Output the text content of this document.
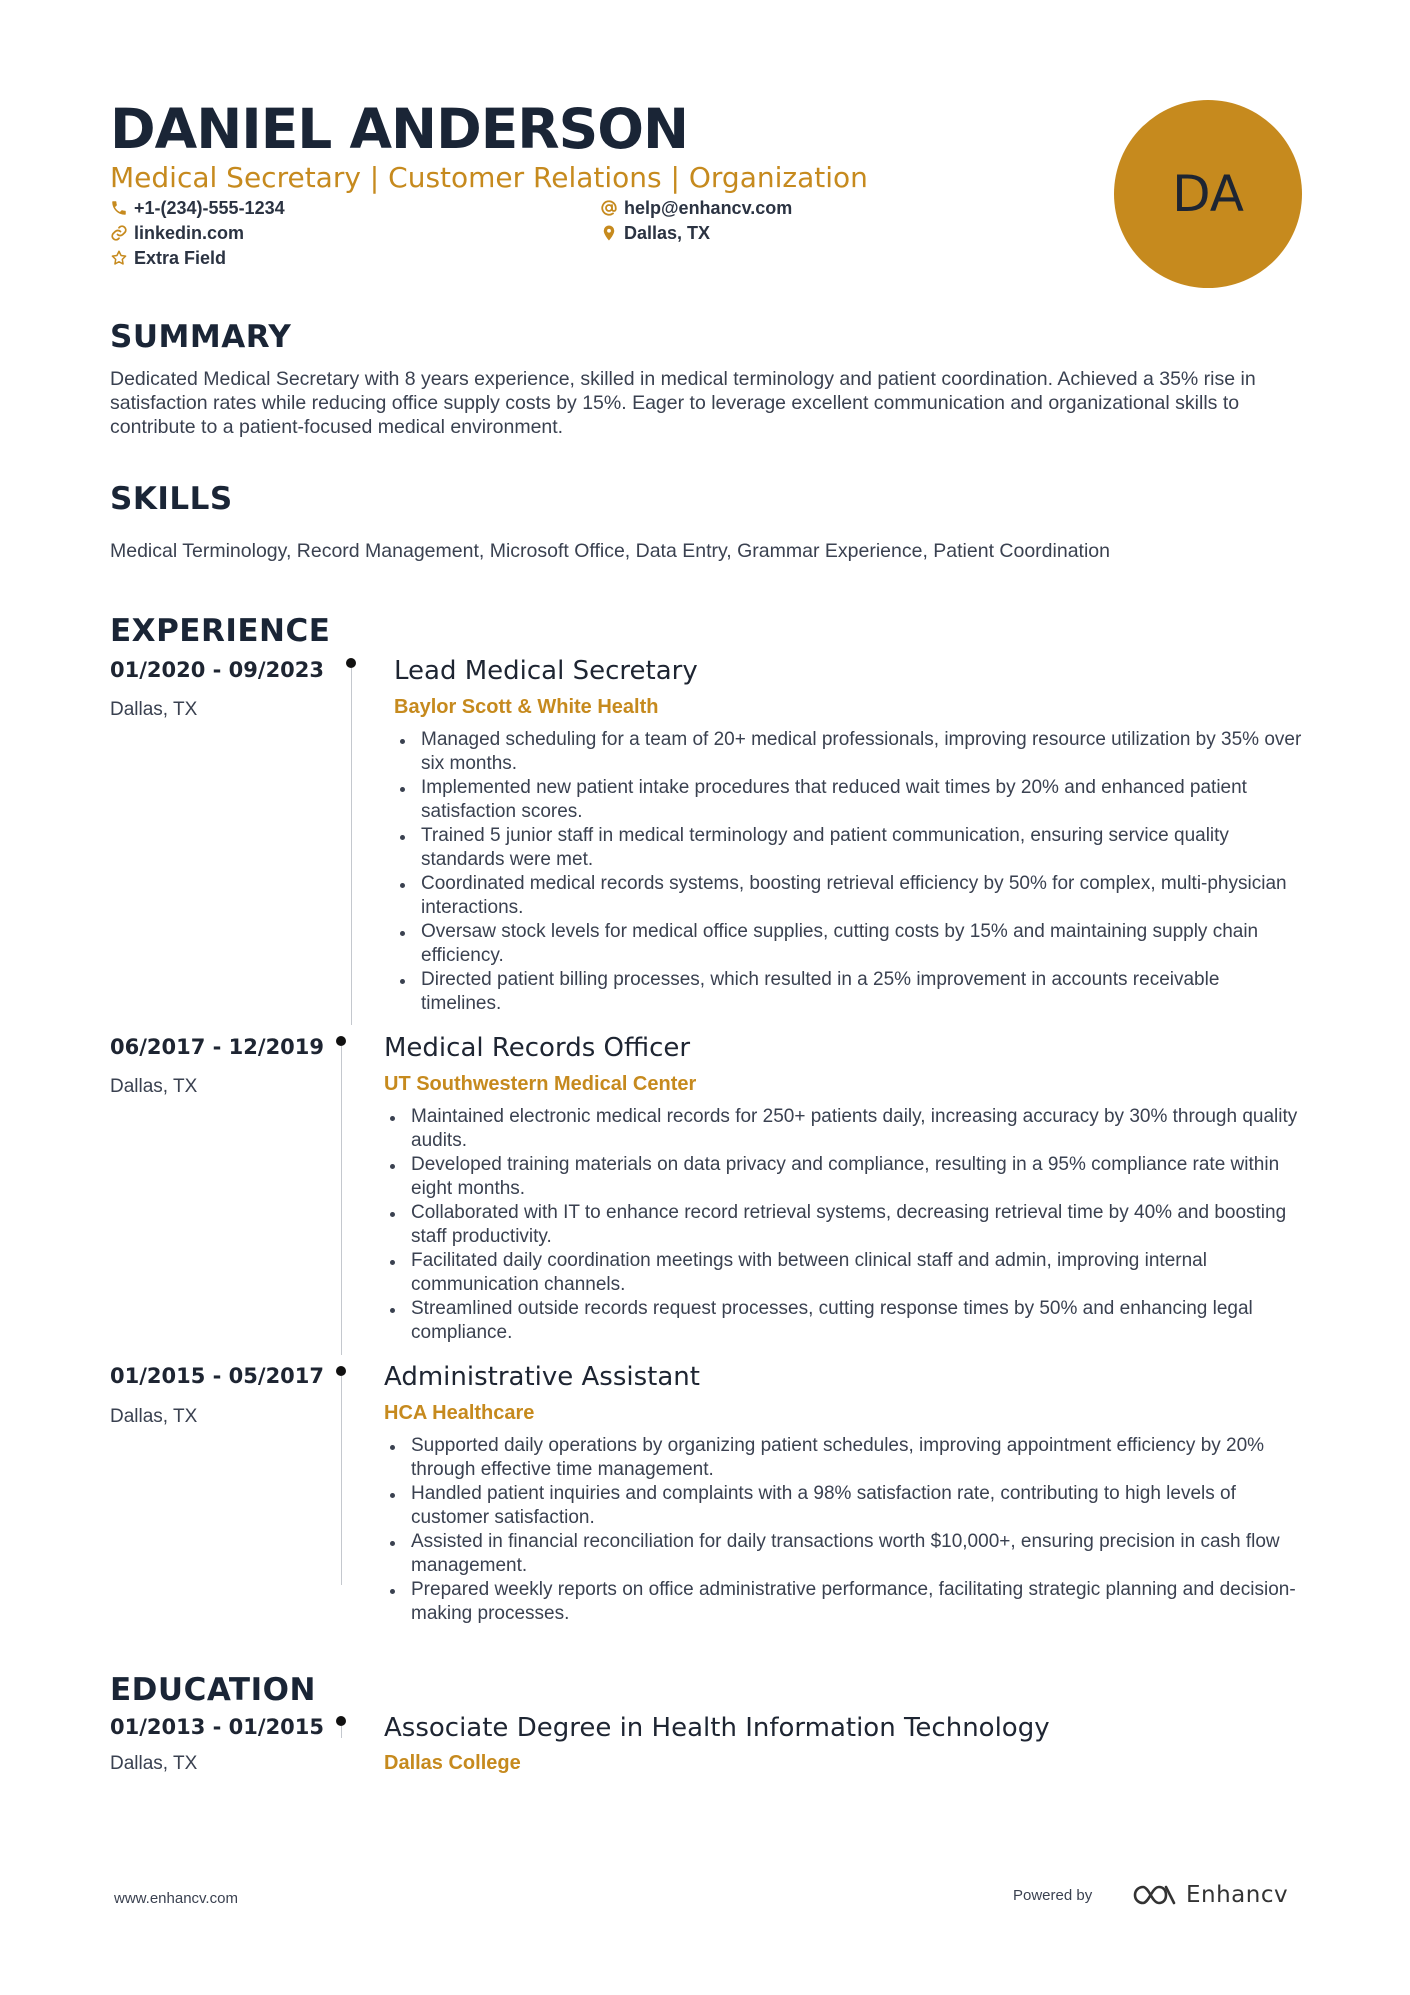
DANIEL ANDERSON
Medical Secretary | Customer Relations | Organization
+1-(234)-555-1234	help@enhancv.com
linkedin.com	Dallas, TX
Extra Field
DA
SUMMARY
Dedicated Medical Secretary with 8 years experience, skilled in medical terminology and patient coordination. Achieved a 35% rise in satisfaction rates while reducing office supply costs by 15%. Eager to leverage excellent communication and organizational skills to contribute to a patient-focused medical environment.
SKILLS
Medical Terminology, Record Management, Microsoft Office, Data Entry, Grammar Experience, Patient Coordination
EXPERIENCE
01/2020 - 09/2023
Dallas, TX
Lead Medical Secretary
Baylor Scott & White Health
Managed scheduling for a team of 20+ medical professionals, improving resource utilization by 35% over six months.
Implemented new patient intake procedures that reduced wait times by 20% and enhanced patient satisfaction scores.
Trained 5 junior staff in medical terminology and patient communication, ensuring service quality standards were met.
Coordinated medical records systems, boosting retrieval efficiency by 50% for complex, multi-physician interactions.
Oversaw stock levels for medical office supplies, cutting costs by 15% and maintaining supply chain efficiency.
Directed patient billing processes, which resulted in a 25% improvement in accounts receivable timelines.
06/2017 - 12/2019
Dallas, TX
Medical Records Officer
UT Southwestern Medical Center
Maintained electronic medical records for 250+ patients daily, increasing accuracy by 30% through quality audits.
Developed training materials on data privacy and compliance, resulting in a 95% compliance rate within eight months.
Collaborated with IT to enhance record retrieval systems, decreasing retrieval time by 40% and boosting staff productivity.
Facilitated daily coordination meetings with between clinical staff and admin, improving internal communication channels.
Streamlined outside records request processes, cutting response times by 50% and enhancing legal compliance.
01/2015 - 05/2017
Dallas, TX
Administrative Assistant
HCA Healthcare
Supported daily operations by organizing patient schedules, improving appointment efficiency by 20% through effective time management.
Handled patient inquiries and complaints with a 98% satisfaction rate, contributing to high levels of customer satisfaction.
Assisted in financial reconciliation for daily transactions worth $10,000+, ensuring precision in cash flow management.
Prepared weekly reports on office administrative performance, facilitating strategic planning and decision-making processes.
EDUCATION
01/2013 - 01/2015
Dallas, TX
Associate Degree in Health Information Technology
Dallas College
www.enhancv.com	Powered by	Enhancv
